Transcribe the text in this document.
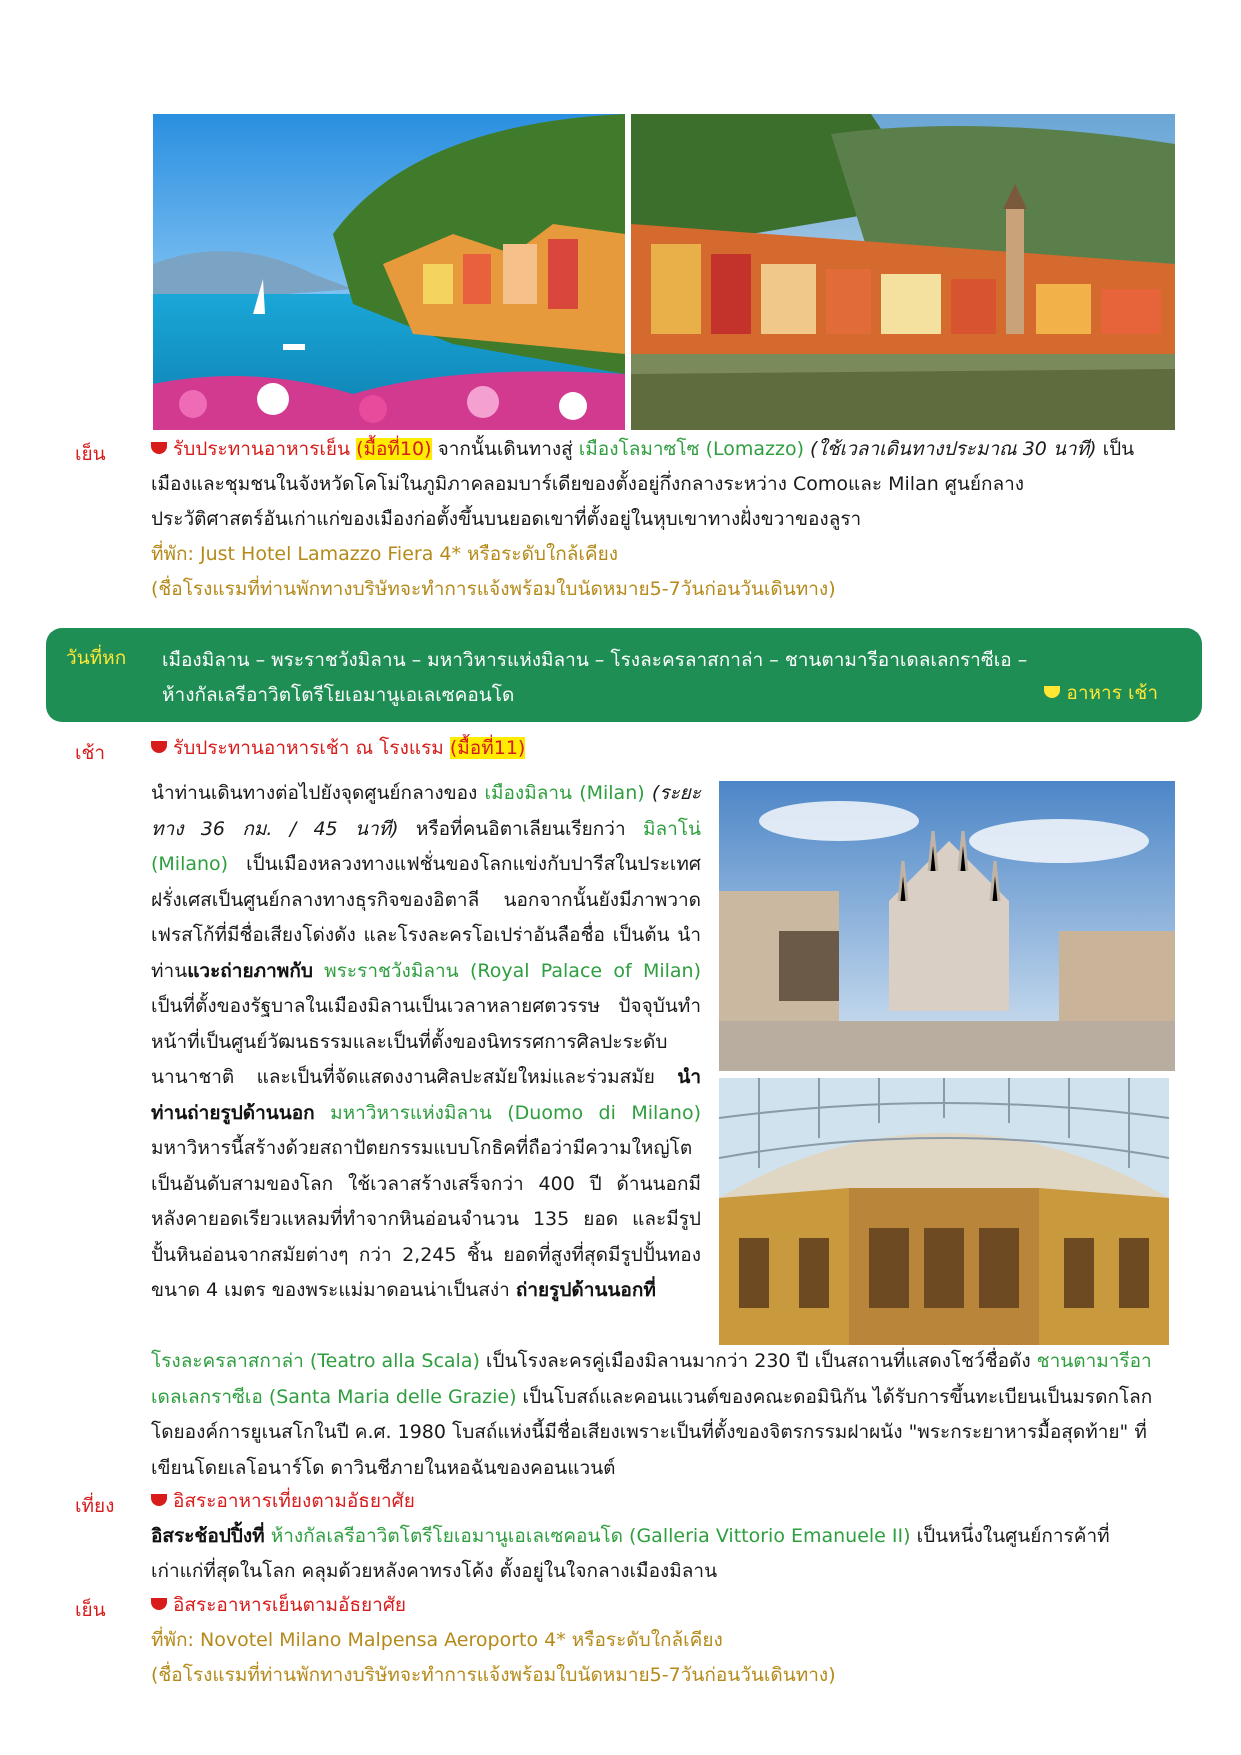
เย็น	รับประทานอาหารเย็น (มื้อที่10) จากนั้นเดินทางสู่ เมืองโลมาซโซ (Lomazzo) (ใช้เวลาเดินทางประมาณ 30 นาที) เป็น

เมืองและชุมชนในจังหวัดโคโม่ในภูมิภาคลอมบาร์เดียของตั้งอยู่กึ่งกลางระหว่าง Comoและ Milan ศูนย์กลาง

ประวัติศาสตร์อันเก่าแก่ของเมืองก่อตั้งขึ้นบนยอดเขาที่ตั้งอยู่ในหุบเขาทางฝั่งขวาของลูรา

ที่พัก: Just Hotel Lamazzo Fiera 4* หรือระดับใกล้เคียง

(ชื่อโรงแรมที่ท่านพักทางบริษัทจะทำการแจ้งพร้อมใบนัดหมาย5-7วันก่อนวันเดินทาง)

วันที่หก เมืองมิลาน – พระราชวังมิลาน – มหาวิหารแห่งมิลาน – โรงละครลาสกาล่า – ชานตามารีอาเดลเลกราซีเอ –
ห้างกัลเลรีอาวิตโตรีโยเอมานูเอเลเซคอนโด	อาหาร เช้า
เช้า	รับประทานอาหารเช้า ณ โรงแรม (มื้อที่11)

นำท่านเดินทางต่อไปยังจุดศูนย์กลางของ เมืองมิลาน (Milan) (ระยะทาง 36 กม. / 45 นาที) หรือที่คนอิตาเลียนเรียกว่า มิลาโน่ (Milano) เป็นเมืองหลวงทางแฟชั่นของโลกแข่งกับปารีสในประเทศฝรั่งเศสเป็นศูนย์กลางทางธุรกิจของอิตาลี นอกจากนั้นยังมีภาพวาดเฟรสโก้ที่มีชื่อเสียงโด่งดัง และโรงละครโอเปร่าอันลือชื่อ เป็นต้น นำท่านแวะถ่ายภาพกับ พระราชวังมิลาน (Royal Palace of Milan) เป็นที่ตั้งของรัฐบาลในเมืองมิลานเป็นเวลาหลายศตวรรษ ปัจจุบันทำหน้าที่เป็นศูนย์วัฒนธรรมและเป็นที่ตั้งของนิทรรศการศิลปะระดับนานาชาติ และเป็นที่จัดแสดงงานศิลปะสมัยใหม่และร่วมสมัย นำท่านถ่ายรูปด้านนอก มหาวิหารแห่งมิลาน (Duomo di Milano) มหาวิหารนี้สร้างด้วยสถาปัตยกรรมแบบโกธิคที่ถือว่ามีความใหญ่โตเป็นอันดับสามของโลก ใช้เวลาสร้างเสร็จกว่า 400 ปี ด้านนอกมีหลังคายอดเรียวแหลมที่ทำจากหินอ่อนจำนวน 135 ยอด และมีรูปปั้นหินอ่อนจากสมัยต่างๆ กว่า 2,245 ชิ้น ยอดที่สูงที่สุดมีรูปปั้นทองขนาด 4 เมตร ของพระแม่มาดอนน่าเป็นสง่า ถ่ายรูปด้านนอกที่
โรงละครลาสกาล่า (Teatro alla Scala) เป็นโรงละครคู่เมืองมิลานมากว่า 230 ปี เป็นสถานที่แสดงโชว์ชื่อดัง ชานตามารีอาเดลเลกราซีเอ (Santa Maria delle Grazie) เป็นโบสถ์และคอนแวนต์ของคณะดอมินิกัน ได้รับการขึ้นทะเบียนเป็นมรดกโลกโดยองค์การยูเนสโกในปี ค.ศ. 1980 โบสถ์แห่งนี้มีชื่อเสียงเพราะเป็นที่ตั้งของจิตรกรรมฝาผนัง "พระกระยาหารมื้อสุดท้าย" ที่เขียนโดยเลโอนาร์โด ดาวินชีภายในหอฉันของคอนแวนต์
เที่ยง	อิสระอาหารเที่ยงตามอัธยาศัย

อิสระช้อปปิ้งที่ ห้างกัลเลรีอาวิตโตรีโยเอมานูเอเลเซคอนโด (Galleria Vittorio Emanuele II) เป็นหนึ่งในศูนย์การค้าที่

เก่าแก่ที่สุดในโลก คลุมด้วยหลังคาทรงโค้ง ตั้งอยู่ในใจกลางเมืองมิลาน

เย็น	อิสระอาหารเย็นตามอัธยาศัย

ที่พัก: Novotel Milano Malpensa Aeroporto 4* หรือระดับใกล้เคียง

(ชื่อโรงแรมที่ท่านพักทางบริษัทจะทำการแจ้งพร้อมใบนัดหมาย5-7วันก่อนวันเดินทาง)
